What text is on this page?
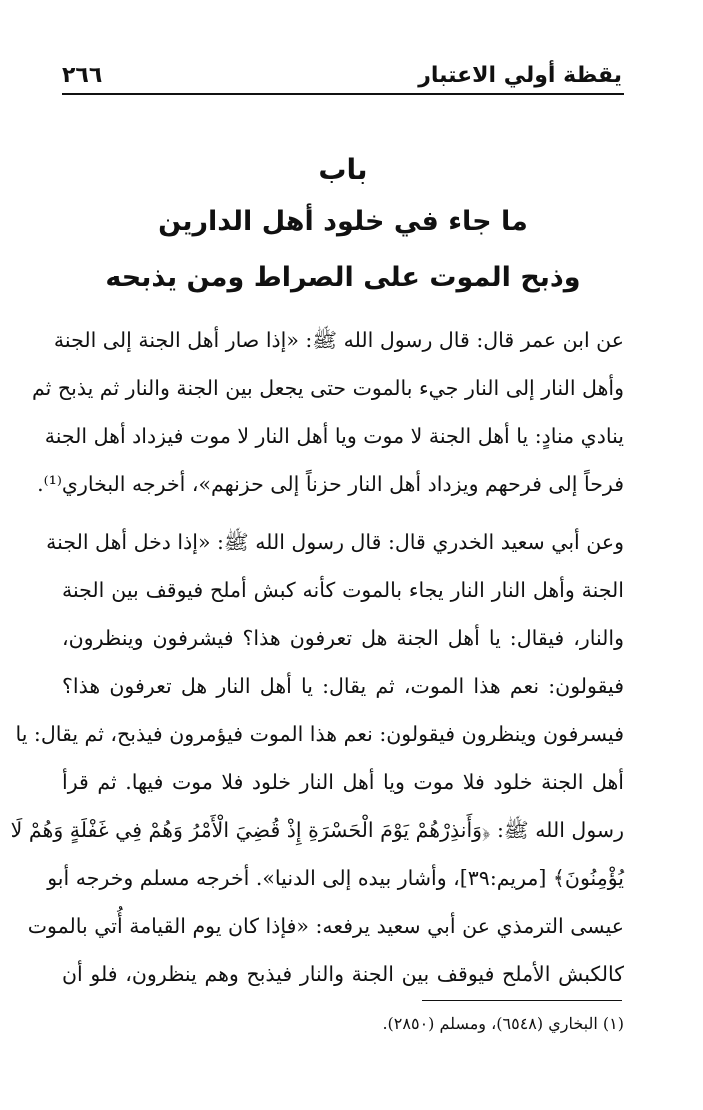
يقظة أولي الاعتبار
٢٦٦
باب
ما جاء في خلود أهل الدارين
وذبح الموت على الصراط ومن يذبحه
عن ابن عمر قال: قال رسول الله ﷺ: «إذا صار أهل الجنة إلى الجنة
وأهل النار إلى النار جيء بالموت حتى يجعل بين الجنة والنار ثم يذبح ثم
ينادي منادٍ: يا أهل الجنة لا موت ويا أهل النار لا موت فيزداد أهل الجنة
فرحاً إلى فرحهم ويزداد أهل النار حزناً إلى حزنهم»، أخرجه البخاري⁽¹⁾.
وعن أبي سعيد الخدري قال: قال رسول الله ﷺ: «إذا دخل أهل الجنة
الجنة وأهل النار النار يجاء بالموت كأنه كبش أملح فيوقف بين الجنة
والنار، فيقال: يا أهل الجنة هل تعرفون هذا؟ فيشرفون وينظرون،
فيقولون: نعم هذا الموت، ثم يقال: يا أهل النار هل تعرفون هذا؟
فيسرفون وينظرون فيقولون: نعم هذا الموت فيؤمرون فيذبح، ثم يقال: يا
أهل الجنة خلود فلا موت ويا أهل النار خلود فلا موت فيها. ثم قرأ
رسول الله ﷺ: ﴿وَأَنذِرْهُمْ يَوْمَ الْحَسْرَةِ إِذْ قُضِيَ الْأَمْرُ وَهُمْ فِي غَفْلَةٍ وَهُمْ لَا
يُؤْمِنُونَ﴾ [مريم:٣٩]، وأشار بيده إلى الدنيا». أخرجه مسلم وخرجه أبو
عيسى الترمذي عن أبي سعيد يرفعه: «فإذا كان يوم القيامة أُتي بالموت
كالكبش الأملح فيوقف بين الجنة والنار فيذبح وهم ينظرون، فلو أن
(١) البخاري (٦٥٤٨)، ومسلم (٢٨٥٠).
